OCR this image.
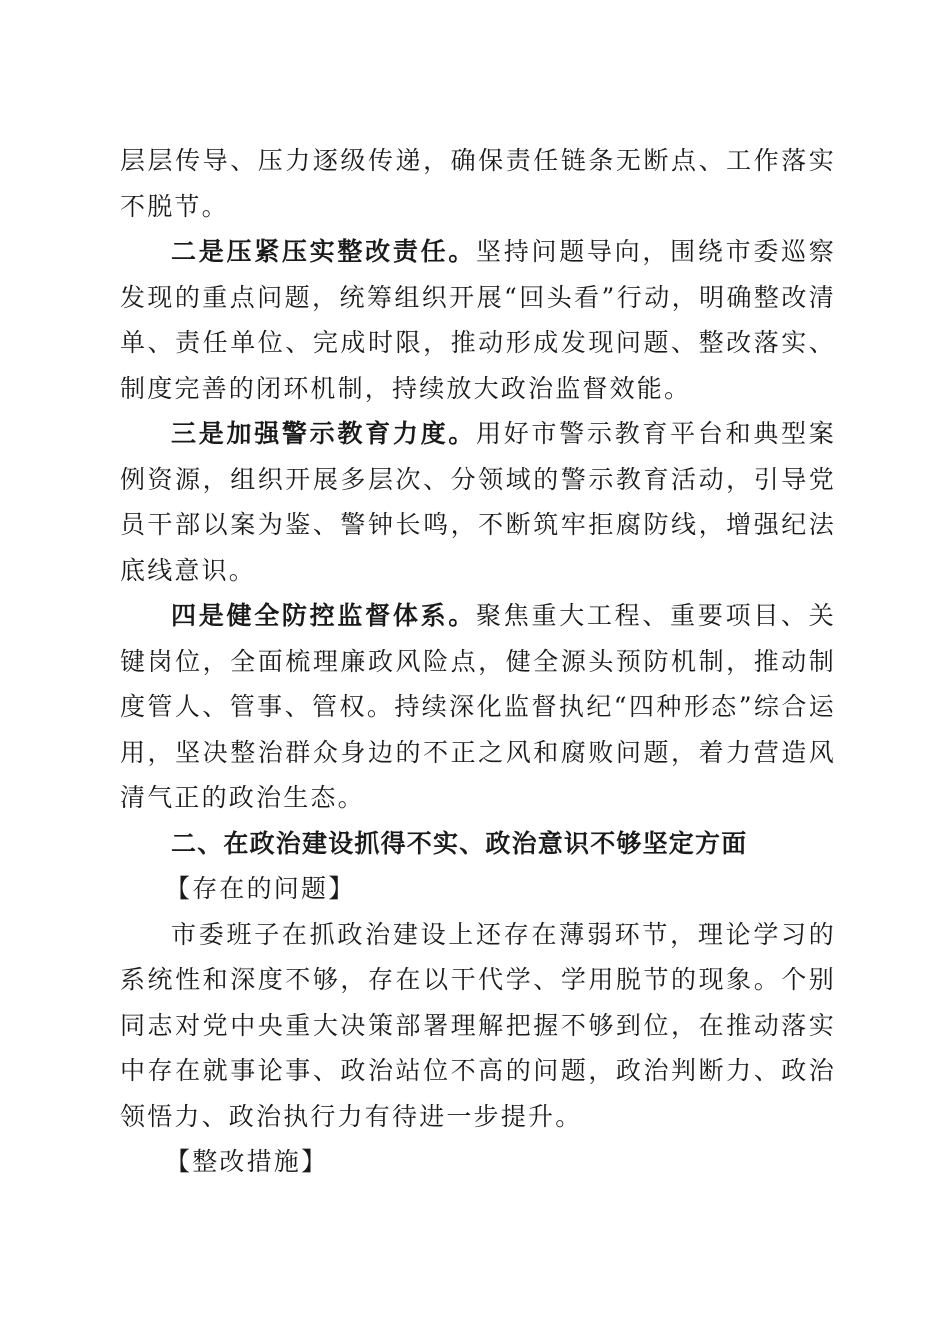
层层传导、压力逐级传递，确保责任链条无断点、工作落实不脱节。

二是压紧压实整改责任。坚持问题导向，围绕市委巡察发现的重点问题，统筹组织开展“回头看”行动，明确整改清单、责任单位、完成时限，推动形成发现问题、整改落实、制度完善的闭环机制，持续放大政治监督效能。

三是加强警示教育力度。用好市警示教育平台和典型案例资源，组织开展多层次、分领域的警示教育活动，引导党员干部以案为鉴、警钟长鸣，不断筑牢拒腐防线，增强纪法底线意识。

四是健全防控监督体系。聚焦重大工程、重要项目、关键岗位，全面梳理廉政风险点，健全源头预防机制，推动制度管人、管事、管权。持续深化监督执纪“四种形态”综合运用，坚决整治群众身边的不正之风和腐败问题，着力营造风清气正的政治生态。

二、在政治建设抓得不实、政治意识不够坚定方面

【存在的问题】

市委班子在抓政治建设上还存在薄弱环节，理论学习的系统性和深度不够，存在以干代学、学用脱节的现象。个别同志对党中央重大决策部署理解把握不够到位，在推动落实中存在就事论事、政治站位不高的问题，政治判断力、政治领悟力、政治执行力有待进一步提升。

【整改措施】
